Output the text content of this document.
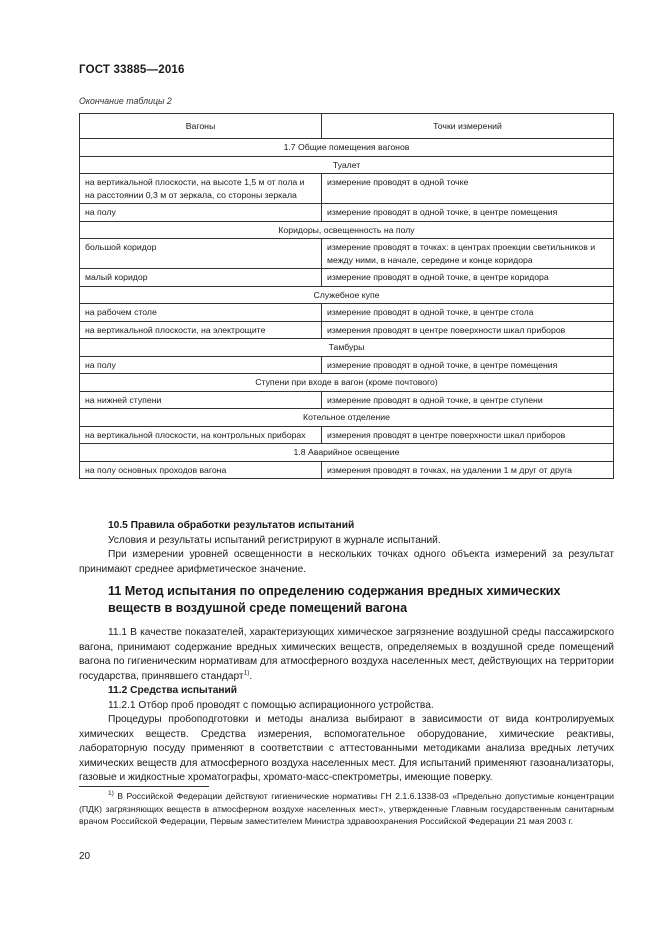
ГОСТ 33885—2016
Окончание таблицы 2
Вагоны	Точки измерений
1.7 Общие помещения вагонов	
Туалет	
на вертикальной плоскости, на высоте 1,5 м от пола и на расстоянии 0,3 м от зеркала, со стороны зеркала	измерение проводят в одной точке
на полу	измерение проводят в одной точке, в центре помещения
Коридоры, освещенность на полу	
большой коридор	измерение проводят в точках: в центрах проекции светильников и между ними, в начале, середине и конце коридора
малый коридор	измерение проводят в одной точке, в центре коридора
Служебное купе	
на рабочем столе	измерение проводят в одной точке, в центре стола
на вертикальной плоскости, на электрощите	измерения проводят в центре поверхности шкал приборов
Тамбуры	
на полу	измерение проводят в одной точке, в центре помещения
Ступени при входе в вагон (кроме почтового)	
на нижней ступени	измерение проводят в одной точке, в центре ступени
Котельное отделение	
на вертикальной плоскости, на контрольных приборах	измерения проводят в центре поверхности шкал приборов
1.8 Аварийное освещение	
на полу основных проходов вагона	измерения проводят в точках, на удалении 1 м друг от друга

10.5 Правила обработки результатов испытаний

Условия и результаты испытаний регистрируют в журнале испытаний.

При измерении уровней освещенности в нескольких точках одного объекта измерений за результат принимают среднее арифметическое значение.

11 Метод испытания по определению содержания вредных химических веществ в воздушной среде помещений вагона

11.1 В качестве показателей, характеризующих химическое загрязнение воздушной среды пассажирского вагона, принимают содержание вредных химических веществ, определяемых в воздушной среде помещений вагона по гигиеническим нормативам для атмосферного воздуха населенных мест, действующих на территории государства, принявшего стандарт$^{1)}$.

11.2 Средства испытаний

11.2.1 Отбор проб проводят с помощью аспирационного устройства.

Процедуры пробоподготовки и методы анализа выбирают в зависимости от вида контролируемых химических веществ. Средства измерения, вспомогательное оборудование, химические реактивы, лабораторную посуду применяют в соответствии с аттестованными методиками анализа вредных летучих химических веществ для атмосферного воздуха населенных мест. Для испытаний применяют газоанализаторы, газовые и жидкостные хроматографы, хромато-масс-спектрометры, имеющие поверку.

$^{1)}$ В Российской Федерации действуют гигиенические нормативы ГН 2.1.6.1338-03 «Предельно допустимые концентрации (ПДК) загрязняющих веществ в атмосферном воздухе населенных мест», утвержденные Главным государственным санитарным врачом Российской Федерации, Первым заместителем Министра здравоохранения Российской Федерации 21 мая 2003 г.

20
